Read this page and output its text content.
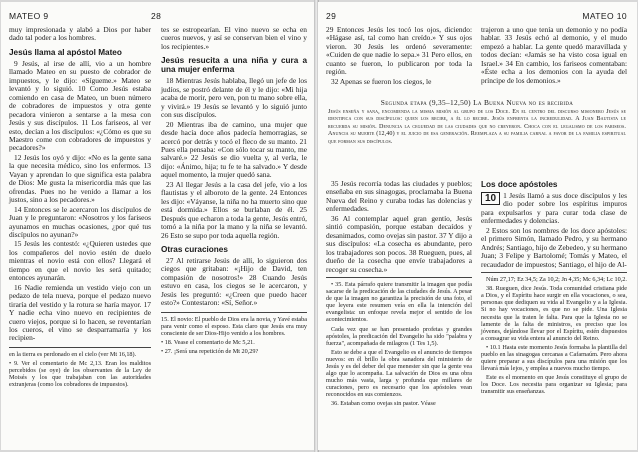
MATEO 9	28

muy impresionada y alabó a Dios por haber dado tal poder a los hombres.

Jesús llama al apóstol Mateo

9 Jesús, al irse de allí, vio a un hombre llamado Mateo en su puesto de cobrador de impuestos, y le dijo: «Sígueme.» Mateo se levantó y lo siguió. 10 Como Jesús estaba comiendo en casa de Mateo, un buen número de cobradores de impuestos y otra gente pecadora vinieron a sentarse a la mesa con Jesús y sus discípulos. 11 Los fariseos, al ver esto, decían a los discípulos: «¿Cómo es que su Maestro come con cobradores de impuestos y pecadores?»

12 Jesús los oyó y dijo: «No es la gente sana la que necesita médico, sino los enfermos. 13 Vayan y aprendan lo que significa esta palabra de Dios: Me gusta la misericordia más que las ofrendas. Pues no he venido a llamar a los justos, sino a los pecadores.»

14 Entonces se le acercaron los discípulos de Juan y le preguntaron: «Nosotros y los fariseos ayunamos en muchas ocasiones, ¿por qué tus discípulos no ayunan?»

15 Jesús les contestó: «¿Quieren ustedes que los compañeros del novio estén de duelo mientras el novio está con ellos? Llegará el tiempo en que el novio les será quitado; entonces ayunarán.

16 Nadie remienda un vestido viejo con un pedazo de tela nueva, porque el pedazo nuevo tiraría del vestido y la rotura se haría mayor. 17 Y nadie echa vino nuevo en recipientes de cuero viejos, porque si lo hacen, se reventarían los cueros, el vino se desparramaría y los recipien-

en la tierra es perdonado en el cielo (ver Mt 16,18).

• 9. Ver el comentario de Mc 2,13. Eran los malditos percebidos (se oye) de los observantes de la Ley de Moisés y los que trabajaban con las autoridades extranjeras (como los cobradores de impuestos).

tes se estropearían. El vino nuevo se echa en cueros nuevos, y así se conservan bien el vino y los recipientes.»

Jesús resucita a una niña y cura a una mujer enferma

18 Mientras Jesús hablaba, llegó un jefe de los judíos, se postró delante de él y le dijo: «Mi hija acaba de morir, pero ven, pon tu mano sobre ella, y vivirá.» 19 Jesús se levantó y lo siguió junto con sus discípulos.

20 Mientras iba de camino, una mujer que desde hacía doce años padecía hemorragias, se acercó por detrás y tocó el fleco de su manto. 21 Pues ella pensaba: «Con sólo tocar su manto, me salvaré.» 22 Jesús se dio vuelta y, al verla, le dijo: «Ánimo, hija; tu fe te ha salvado.» Y desde aquel momento, la mujer quedó sana.

23 Al llegar Jesús a la casa del jefe, vio a los flautistas y el alboroto de la gente. 24 Entonces les dijo: «Váyanse, la niña no ha muerto sino que está dormida.» Ellos se burlaban de él. 25 Después que echaron a toda la gente, Jesús entró, tomó a la niña por la mano y la niña se levantó. 26 Esto se supo por toda aquella región.

Otras curaciones

27 Al retirarse Jesús de allí, lo siguieron dos ciegos que gritaban: «¡Hijo de David, ten compasión de nosotros!» 28 Cuando Jesús estuvo en casa, los ciegos se le acercaron, y Jesús les preguntó: «¿Creen que puedo hacer esto?» Contestaron: «Sí, Señor.»

15. El novio: El pueblo de Dios era la novia, y Yavé estaba para venir como el esposo. Esta claro que Jesús era muy consciente de ser Dios-Hijo venido a los hombres.

• 18. Vease el comentario de Mc 5,21.

• 27. ¡Será una repetición de Mt 20,29?

29	MATEO 10

29 Entonces Jesús les tocó los ojos, diciendo: «Hágase así, tal como han creído.» Y sus ojos vieron. 30 Jesús les ordenó severamente: «Cuiden de que nadie lo sepa.» 31 Pero ellos, en cuanto se fueron, lo publicaron por toda la región.

32 Apenas se fueron los ciegos, le

trajeron a uno que tenía un demonio y no podía hablar. 33 Jesús echó al demonio, y el mudo empezó a hablar. La gente quedó maravillada y todos decían: «Jamás se ha visto cosa igual en Israel.» 34 En cambio, los fariseos comentaban: «Éste echa a los demonios con la ayuda del príncipe de los demonios.»

Segunda etapa (9,35–12,50) La Buena Nueva no es recibida
Jesús enseña y sana, encomienda la misma misión al grupo de los Doce. En el centro del discurso misionero Jesús se identifica con sus discípulos: quien los recibe, a él lo recibe. Jesús enfrenta la incredulidad. A Juan Bautista le recuerda su misión. Denuncia la ceguedad de las ciudades que no creyeron. Choca con el legalismo de los fariseos. Anuncia su muerte (12,40) y el juicio de esa generación. Reemplaza a su familia carnal a favor de la familia espiritual que forman sus discípulos.

35 Jesús recorría todas las ciudades y pueblos; enseñaba en sus sinagogas, proclamaba la Buena Nueva del Reino y curaba todas las dolencias y enfermedades.

36 Al contemplar aquel gran gentío, Jesús sintió compasión, porque estaban decaídos y desanimados, como ovejas sin pastor. 37 Y dijo a sus discípulos: «La cosecha es abundante, pero los trabajadores son pocos. 38 Rueguen, pues, al dueño de la cosecha que envíe trabajadores a recoger su cosecha.»

• 35. Esta párrafo quiere transmitir la imagen que podía sacarse de la predicación de las ciudades de Jesús. A pesar de que la imagen no garantiza la precisión de una foto, el que leyera este resumen veía en ella la intención del evangelista: un enfoque revela mejor el sentido de los acontecimientos.

Cada vez que se han presentado profetas y grandes apóstoles, la predicación del Evangelio ha sido "palabra y fuerza", acompañada de milagros (1 Tes 1,5).

Esto se debe a que el Evangelio es el anuncio de tiempos nuevos: en él brillo la obra sanadora del ministerio de Jesús y es del deber del que menester sin que la gente vea algo que lo acompaña. La salvación de Dios es una obra mucho más vasta, larga y profunda que millares de curaciones, pero es necesario que los apóstoles vean reconocidos en sus comienzos.

36. Estaban como ovejas sin pastor. Véase

Los doce apóstoles

10 1 Jesús llamó a sus doce discípulos y les dio poder sobre los espíritus impuros para expulsarlos y para curar toda clase de enfermedades y dolencias.

2 Estos son los nombres de los doce apóstoles: el primero Simón, llamado Pedro, y su hermano Andrés; Santiago, hijo de Zebedeo, y su hermano Juan; 3 Felipe y Bartolomé; Tomás y Mateo, el recaudador de impuestos; Santiago, el hijo de Al-

Núm 27,17; Ez 34,5; Za 10,2; Jn 4,35; Mc 6,34; Lc 10,2.

38. Rueguen, dice Jesús. Toda comunidad cristiana pide a Dios, y el Espíritu hace surgir en ella vocaciones, o sea, personas que dediquen su vida al Evangelio y a la Iglesia. Si no hay vocaciones, es que no se pide. Una Iglesia necesita que la traten le falta. Para que la Iglesia no se lamente de la falta de ministros, es preciso que los jóvenes, dejándose llevar por el Espíritu, estén dispuestos a consagrar su vida entera al anuncio del Reino.

• 10.1 Hasta este momento Jesús formaba la plantilla del pueblo en las sinagogas cercanas a Cafarnaúm. Pero ahora quiere preparar a sus discípulos para una misión que los llevará más lejos, y emplea a nuevos mucho tiempo.

Este es el momento en que Jesús constituye el grupo de los Doce. Los necesita para organizar su Iglesia; para transmitir sus enseñanzas.
